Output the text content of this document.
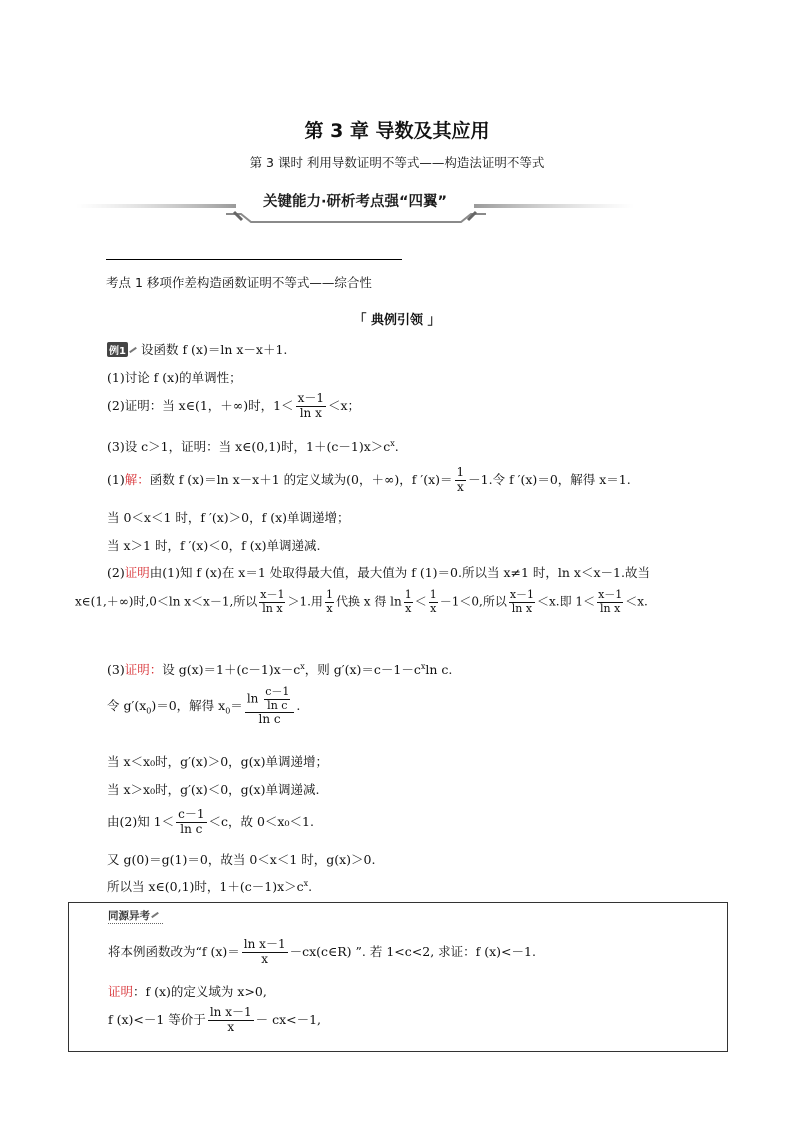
第 3 章 导数及其应用
第 3 课时 利用导数证明不等式——构造法证明不等式
关键能力·研析考点强“四翼”
考点 1 移项作差构造函数证明不等式——综合性
「 典例引领 」
例1 设函数 f (x)＝ln x－x＋1.
(1)讨论 f (x)的单调性；
(2)证明：当 x∈(1，＋∞)时，$1< \frac{x-1}{\text{ln x}} <x$；
(3)设 c＞1，证明：当 x∈(0,1)时，$1+(c-1)x>c^x$.
(1)解：函数 f (x)＝ln x－x＋1 的定义域为(0，＋∞)，f $'(x)= \frac{1}{x} -1$.令 f ′(x)＝0，解得 x＝1.
当 0＜x＜1 时，f ′(x)＞0，f (x)单调递增；
当 x＞1 时，f ′(x)＜0，f (x)单调递减.
(2)证明由(1)知 f (x)在 x＝1 处取得最大值，最大值为 f (1)＝0.所以当 x≠1 时，ln x＜x－1.故当
x∈(1,＋∞)时,0＜ln x＜x－1,所以 $\frac{x-1}{\text{ln x}} >1$.用 $\frac{1}{x}$ 代换 x 得 $\ln \frac{1}{x} < \frac{1}{x} -1<0$,所以 $\frac{x-1}{\text{ln x}} <x$.即 $1< \frac{x-1}{\text{ln x}} <x$.
(3)证明：设 $g(x)=1+(c-1)x-c^x$，则 $g'(x)=c-1-c^x\ln$ c.
令 $g'(x_0)=0$，解得 $x_0= \frac{\ln \frac{c-1}{\text{ln c}}}{\text{ln c}}$ .
当 x＜x₀时，g′(x)＞0，g(x)单调递增；
当 x＞x₀时，g′(x)＜0，g(x)单调递减.
由(2)知 $1< \frac{c-1}{\text{ln c}} <c$，故 0＜x₀＜1.
又 g(0)＝g(1)＝0，故当 0＜x＜1 时，g(x)＞0.
所以当 x∈(0,1)时，$1+(c-1)x>c^x$.
同源异考
将本例函数改为“f $(x)= \frac{\text{ln x－1}}{x}$ －cx(c∈R) ”. 若 1<c<2, 求证：f (x)<－1.
证明：f (x)的定义域为 x>0,
f (x)<－1 等价于 $\frac{\text{ln x－1}}{x} - cx<-1$,
